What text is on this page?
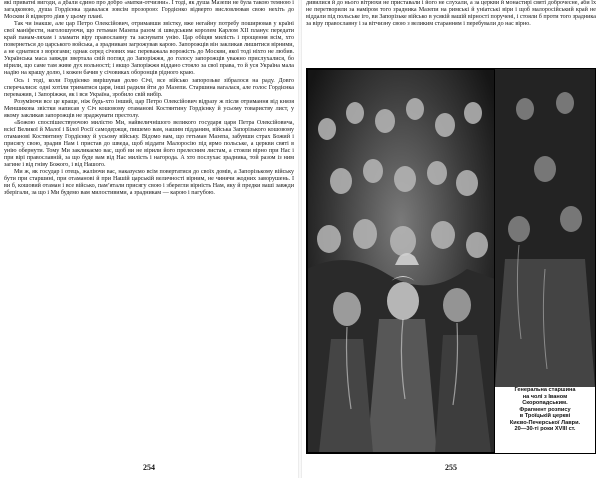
які приватні вигоди, а дбали єдино про добро «матки-отчизни». І тоді, як душа Мазепи не була такою темною і загадковою, душа Гордієнка здавалася зовсім прозорою: Гордієнко відверто висловлював свою нехіть до Москви й відверто діяв у цьому плані.

Так чи інакше, але цар Петро Олексійович, отримавши звістку, вже негайну потребу поширював у країні свої маніфести, наголошуючи, що гетьман Мазепа разом зі шведським королем Карлом XII планує передати край панам-ляхам і зламати віру православну та заснувати унію. Цар обіцяв милість і прощення всім, хто повернеться до царського войська, а зрадникам загрожував карою. Запорожців він закликав лишитися вірними, а не єднатися з ворогами; однак серед січових мас переважала ворожість до Москви, якої тоді ніхто не любив. Українська маса завжди звертала свій погляд до Запоріжжя, до голосу запорожців уважно прислухалися, бо вірили, що саме там живе дух вольності; і якщо Запоріжжя віддано стояло за свої права, то й уся Україна мала надію на кращу долю, і кожен бачив у січовиках оборонців рідного краю.

Ось і тоді, коли Гордієнко вирішував долю Січі, все військо запорозьке зібралося на раду. Довго сперечалися: одні хотіли триматися царя, інші радили йти до Мазепи. Старшина вагалася, але голос Гордієнка переважив, і Запоріжжя, як і вся Україна, зробило свій вибір.

Розуміючи все це краще, ніж будь-хто інший, цар Петро Олексійович відразу ж після отримання від князя Меншикова звістки написав у Січ кошовому отаманові Костянтину Гордієнку й усьому товариству лист, у якому закликав запорожців не зраджувати престолу.

«Божою споспішествуючою милістю Ми, найвеличнішого великого государя царя Петра Олексійовича, всієї Великої й Малої і Білої Росії самодержця, пишемо вам, нашим підданим, війська Запорізького кошовому отаманові Костянтину Гордієнку й усьому війську. Відомо вам, що гетьман Мазепа, забувши страх Божий і присягу свою, зрадив Нам і пристав до шведа, щоб віддати Малоросію під ярмо польське, а церкви святі в унію обернути. Тому Ми закликаємо вас, щоб ви не вірили його прелесним листам, а стояли вірно при Нас і при вірі православній, за що буде вам від Нас милість і нагорода. А хто послухає зрадника, той разом із ним загине і від гніву Божого, і від Нашого.

Ми ж, як государ і отець, жаліючи вас, наказуємо всім повертатися до своїх домів, а Запорізькому війську бути при старшині, при отаманові й при Нашій царській величності вірним, не чинячи жодних заворушень. І ви б, кошовий отаман і все військо, памʼятали присягу свою і зберегли вірність Нам, яку й предки ваші завжди зберігали, за що і Ми будемо вам милостивими, а зрадникам — карою і пагубою.

254

дивилися й до нього вітрюхи не приставали і його не слухали, а за церкви й монастирі святі доброчесне, аби їх не перетворили за наміром того зрадника Мазепи на римські й уніатські віри і щоб малоросійський край не віддали під польське іго, ви Запорізьке військо в усякій вашій вірності поручені, і стояли б проти того зрадника за віру православну і за вітчизну свою з великим старанням і перебували до нас вірно.

Генеральна старшина
на чолі з Іваном
Скоропадським.
Фрагмент розпису
в Троїцькій церкві
Києво-Печерської Лаври.
20—30-ті роки XVIII ст.
255
